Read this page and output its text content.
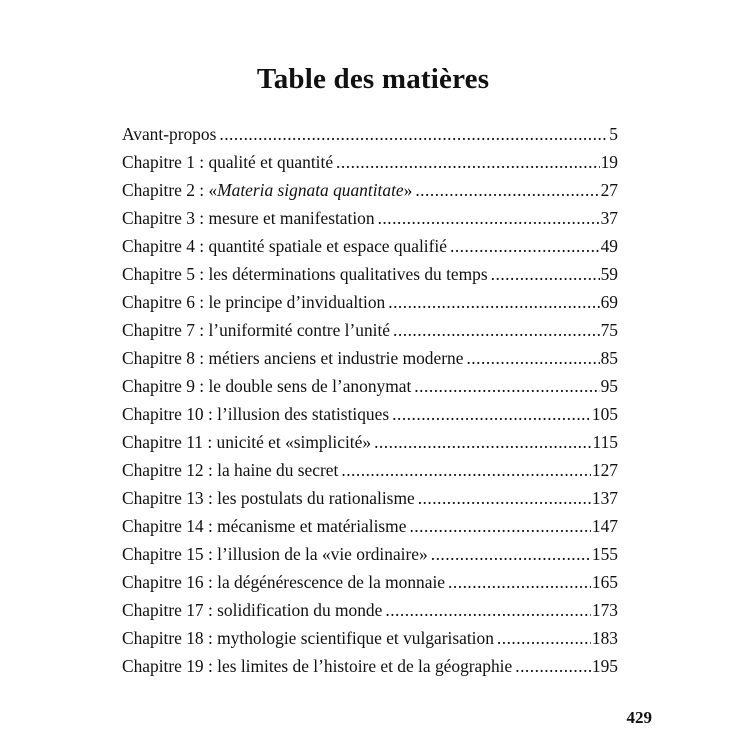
Table des matières
Avant-propos .....	5
Chapitre 1 : qualité et quantité .....	19
Chapitre 2 : «Materia signata quantitate» .....	27
Chapitre 3 : mesure et manifestation .....	37
Chapitre 4 : quantité spatiale et espace qualifié .....	49
Chapitre 5 : les déterminations qualitatives du temps .....	59
Chapitre 6 : le principe d’invidualtion .....	69
Chapitre 7 : l’uniformité contre l’unité .....	75
Chapitre 8 : métiers anciens et industrie moderne .....	85
Chapitre 9 : le double sens de l’anonymat .....	95
Chapitre 10 : l’illusion des statistiques .....	105
Chapitre 11 : unicité et «simplicité» .....	115
Chapitre 12 : la haine du secret .....	127
Chapitre 13 : les postulats du rationalisme .....	137
Chapitre 14 : mécanisme et matérialisme .....	147
Chapitre 15 : l’illusion de la «vie ordinaire» .....	155
Chapitre 16 : la dégénérescence de la monnaie .....	165
Chapitre 17 : solidification du monde .....	173
Chapitre 18 : mythologie scientifique et vulgarisation .....	183
Chapitre 19 : les limites de l’histoire et de la géographie .....	195
429
